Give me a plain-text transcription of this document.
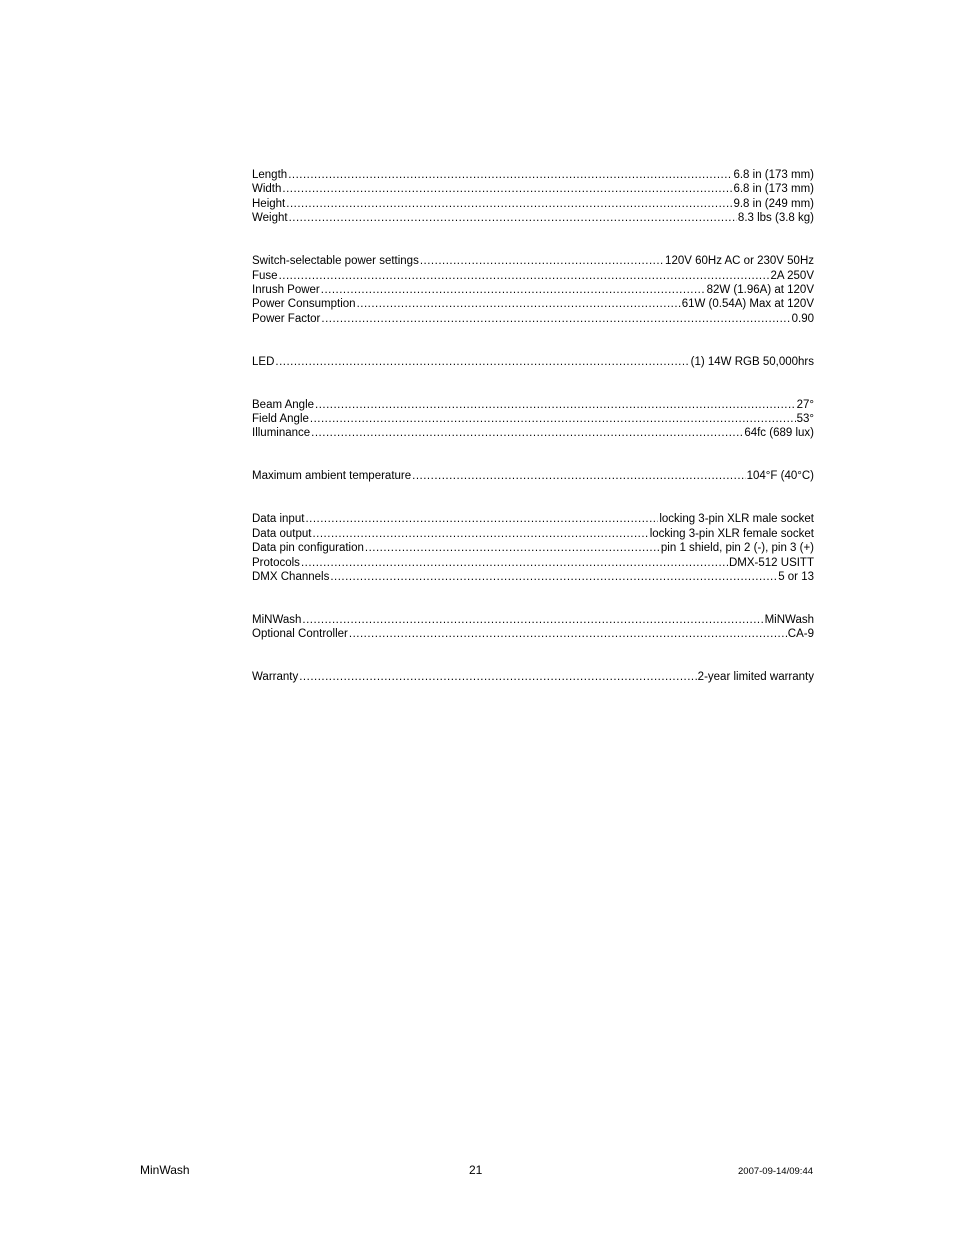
Length .....	6.8 in (173 mm)
Width .....	6.8 in (173 mm)
Height .....	9.8 in (249 mm)
Weight .....	8.3 lbs (3.8 kg)
Switch-selectable power settings .....	120V 60Hz AC or 230V 50Hz
Fuse .....	2A 250V
Inrush Power .....	82W (1.96A) at 120V
Power Consumption .....	61W (0.54A) Max at 120V
Power Factor .....	0.90
LED .....	(1) 14W RGB 50,000hrs
Beam Angle .....	27°
Field Angle .....	53°
Illuminance .....	64fc (689 lux)
Maximum ambient temperature .....	104°F (40°C)
Data input .....	locking 3-pin XLR male socket
Data output .....	locking 3-pin XLR female socket
Data pin configuration .....	pin 1 shield, pin 2 (-), pin 3 (+)
Protocols .....	DMX-512 USITT
DMX Channels .....	5 or 13
MiNWash .....	MiNWash
Optional Controller .....	CA-9
Warranty .....	2-year limited warranty
MinWash	21	2007-09-14/09:44
